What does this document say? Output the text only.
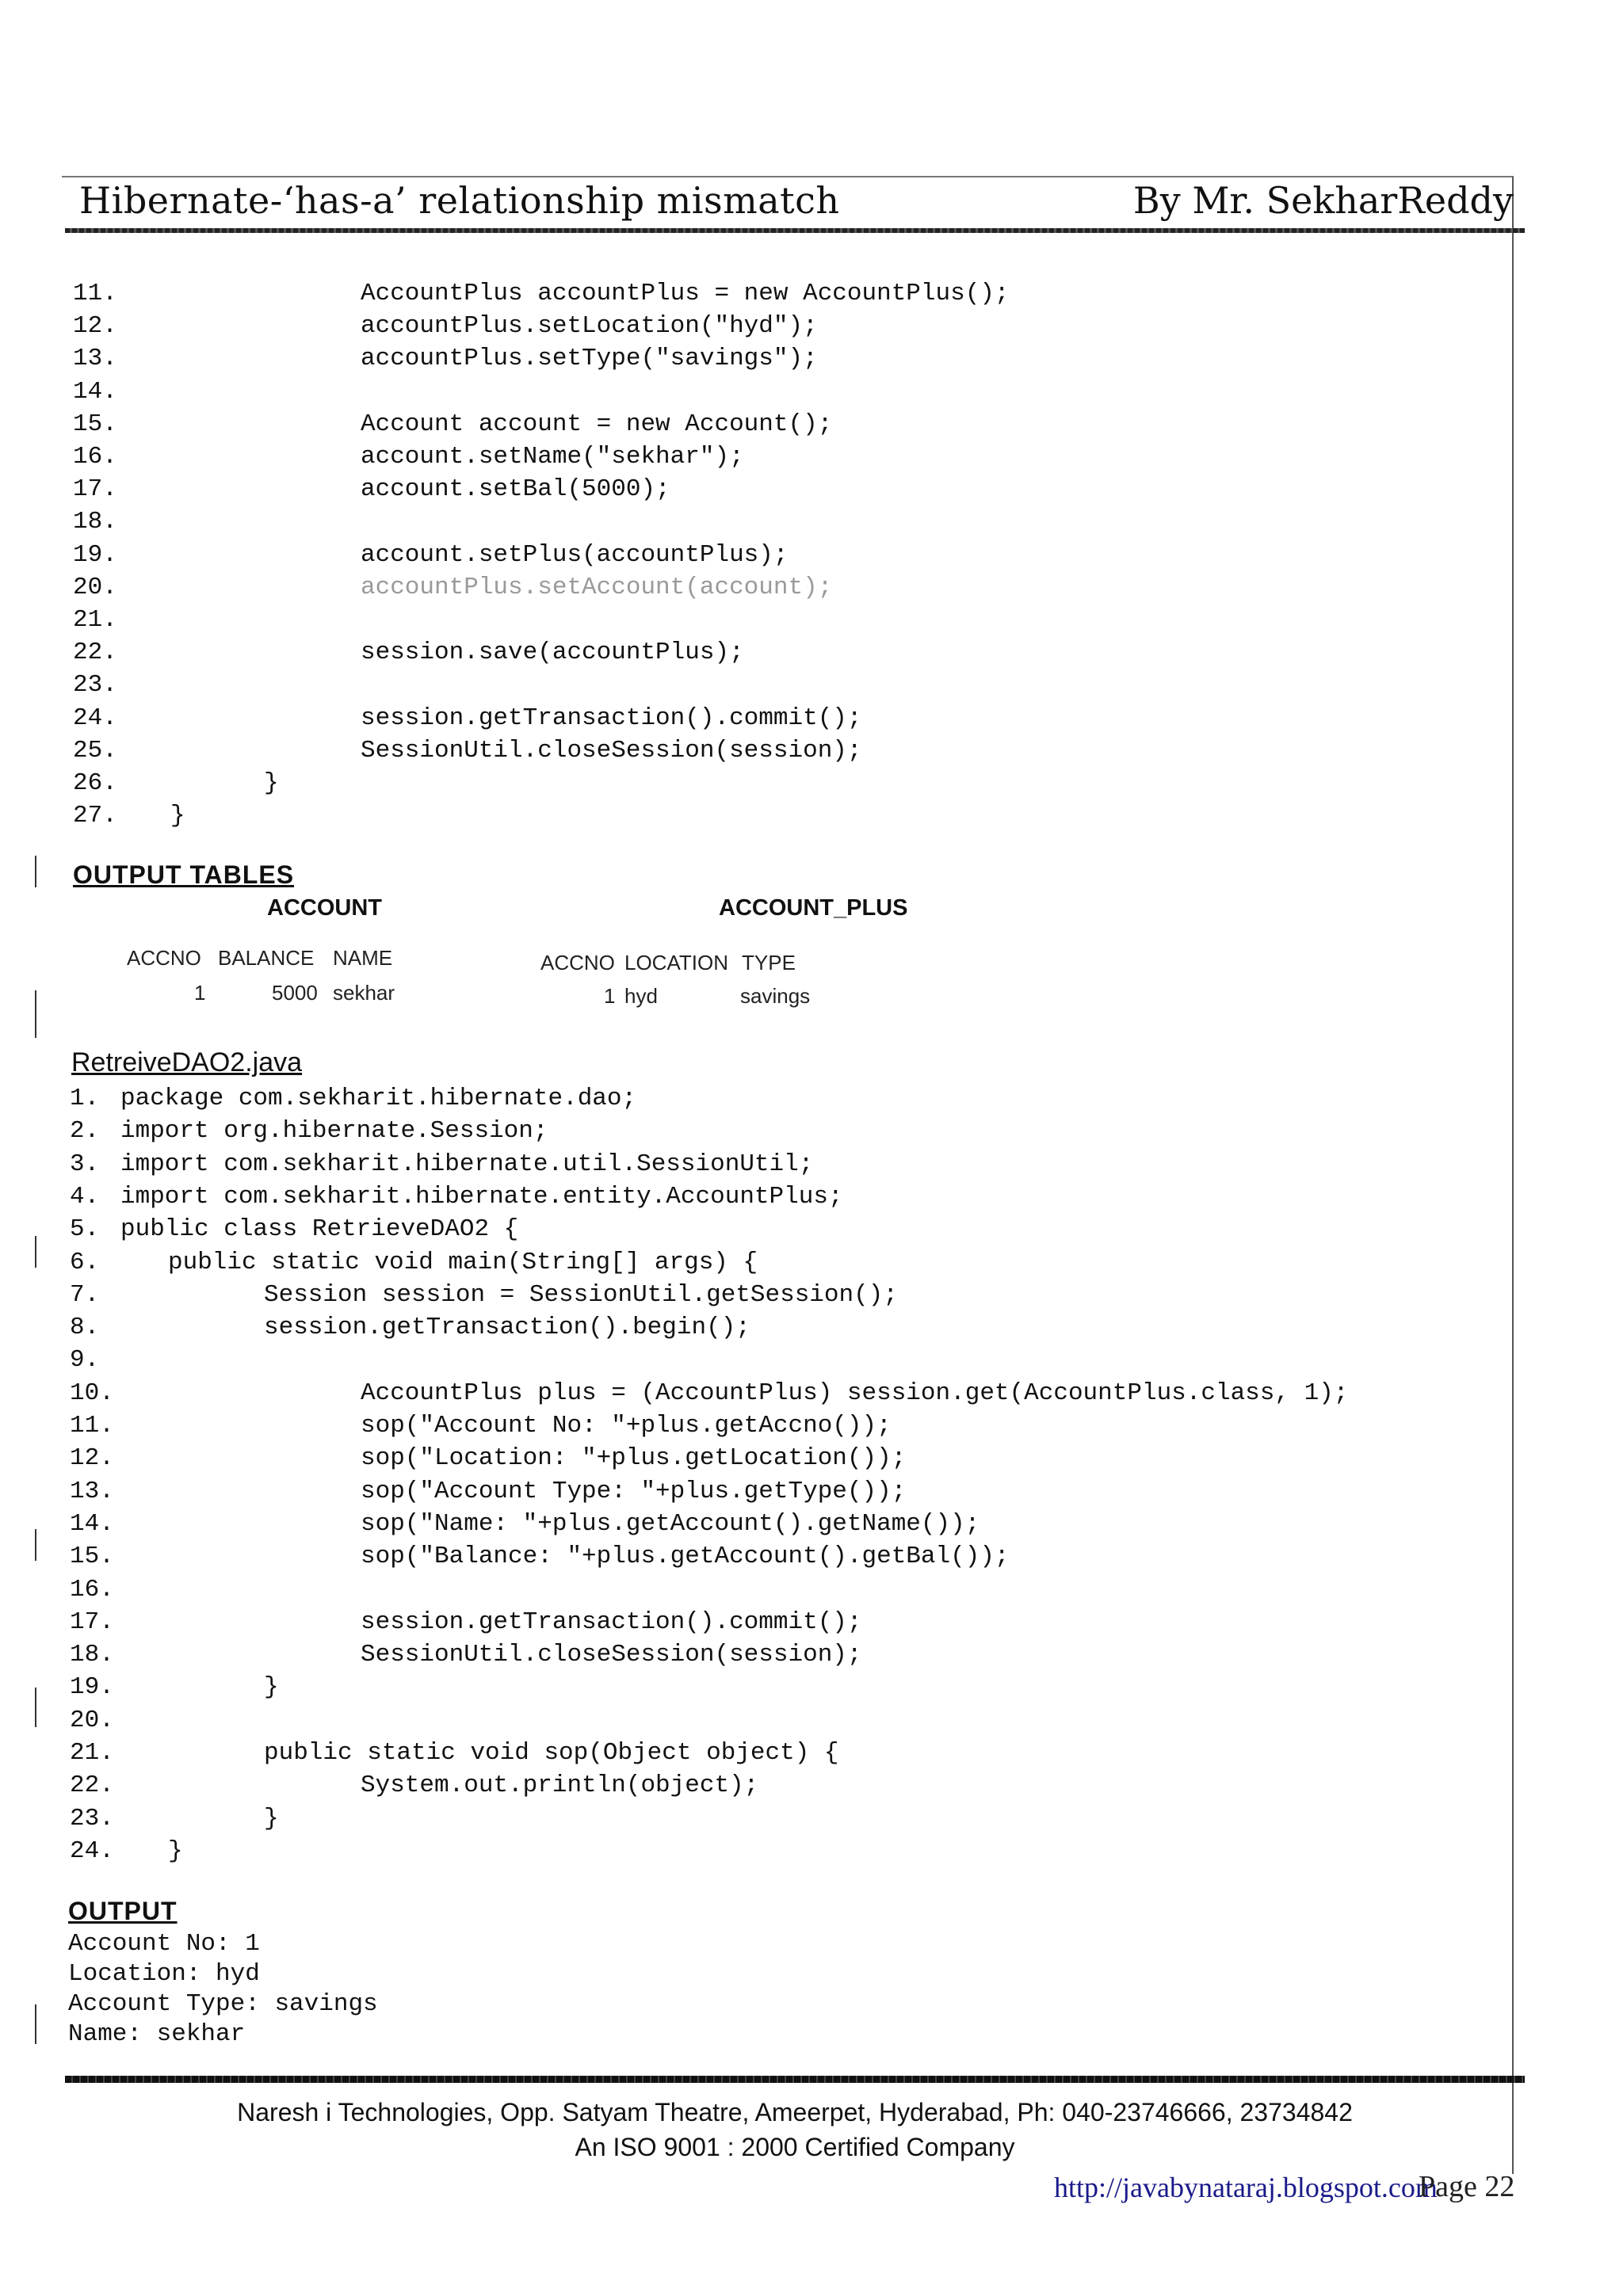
Hibernate-‘has-a’ relationship mismatch	By Mr. SekharReddy
11.	AccountPlus accountPlus = new AccountPlus();
12.	accountPlus.setLocation("hyd");
13.	accountPlus.setType("savings");
14.
15.	Account account = new Account();
16.	account.setName("sekhar");
17.	account.setBal(5000);
18.
19.	account.setPlus(accountPlus);
20.	accountPlus.setAccount(account);
21.
22.	session.save(accountPlus);
23.
24.	session.getTransaction().commit();
25.	SessionUtil.closeSession(session);
26.	}
27.	}
OUTPUT TABLES
ACCOUNT	ACCOUNT_PLUS
ACCNO BALANCE NAME
1	5000 sekhar
ACCNO LOCATION TYPE
1 hyd	savings
RetreiveDAO2.java
1. package com.sekharit.hibernate.dao;
2. import org.hibernate.Session;
3. import com.sekharit.hibernate.util.SessionUtil;
4. import com.sekharit.hibernate.entity.AccountPlus;
5. public class RetrieveDAO2 {
6.	public static void main(String[] args) {
7.	Session session = SessionUtil.getSession();
8.	session.getTransaction().begin();
9.
10.	AccountPlus plus = (AccountPlus) session.get(AccountPlus.class, 1);
11.	sop("Account No: "+plus.getAccno());
12.	sop("Location: "+plus.getLocation());
13.	sop("Account Type: "+plus.getType());
14.	sop("Name: "+plus.getAccount().getName());
15.	sop("Balance: "+plus.getAccount().getBal());
16.
17.	session.getTransaction().commit();
18.	SessionUtil.closeSession(session);
19.	}
20.
21.	public static void sop(Object object) {
22.	System.out.println(object);
23.	}
24.	}
OUTPUT
Account No: 1
Location: hyd
Account Type: savings
Name: sekhar
Naresh i Technologies, Opp. Satyam Theatre, Ameerpet, Hyderabad, Ph: 040-23746666, 23734842
An ISO 9001 : 2000 Certified Company
http://javabynataraj.blogspot.com
Page 22
